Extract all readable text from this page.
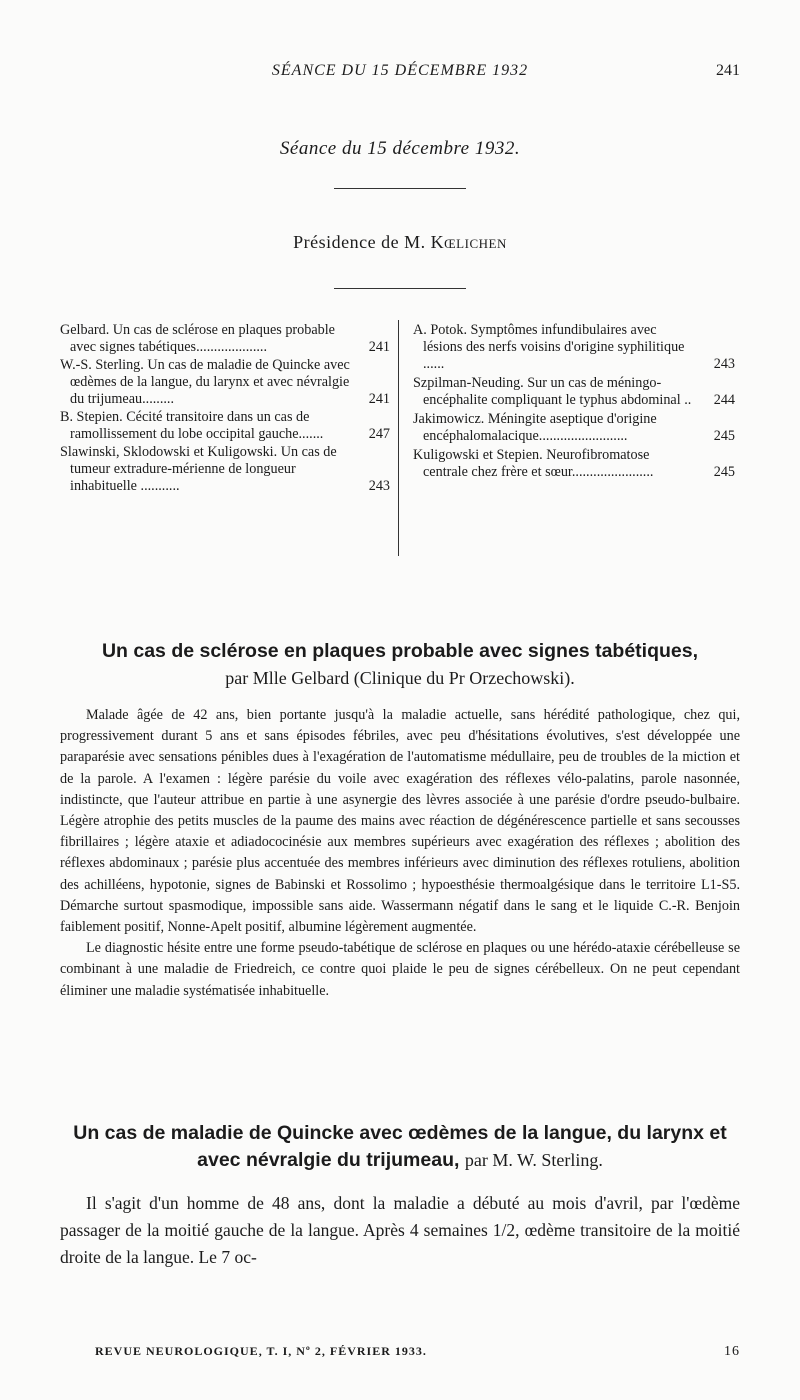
SÉANCE DU 15 DÉCEMBRE 1932	241
Séance du 15 décembre 1932.
Présidence de M. Kœlichen
Gelbard. Un cas de sclérose en plaques probable avec signes tabétiques....................	241
W.-S. Sterling. Un cas de maladie de Quincke avec œdèmes de la langue, du larynx et avec névralgie du trijumeau.........	241
B. Stepien. Cécité transitoire dans un cas de ramollissement du lobe occipital gauche.......	247
Slawinski, Sklodowski et Kuligowski. Un cas de tumeur extradure-mérienne de longueur inhabituelle ...........	243
A. Potok. Symptômes infundibulaires avec lésions des nerfs voisins d'origine syphilitique ......	243
Szpilman-Neuding. Sur un cas de méningo-encéphalite compliquant le typhus abdominal .. 244
Jakimowicz. Méningite aseptique d'origine encéphalomalacique.........................	245
Kuligowski et Stepien. Neurofibromatose centrale chez frère et sœur.......................	245
Un cas de sclérose en plaques probable avec signes tabétiques,
par Mlle Gelbard (Clinique du Pr Orzechowski).

Malade âgée de 42 ans, bien portante jusqu'à la maladie actuelle, sans hérédité pathologique, chez qui, progressivement durant 5 ans et sans épisodes fébriles, avec peu d'hésitations évolutives, s'est développée une paraparésie avec sensations pénibles dues à l'exagération de l'automatisme médullaire, peu de troubles de la miction et de la parole. A l'examen : légère parésie du voile avec exagération des réflexes vélo-palatins, parole nasonnée, indistincte, que l'auteur attribue en partie à une asynergie des lèvres associée à une parésie d'ordre pseudo-bulbaire. Légère atrophie des petits muscles de la paume des mains avec réaction de dégénérescence partielle et sans secousses fibrillaires ; légère ataxie et adiadococinésie aux membres supérieurs avec exagération des réflexes ; abolition des réflexes abdominaux ; parésie plus accentuée des membres inférieurs avec diminution des réflexes rotuliens, abolition des achilléens, hypotonie, signes de Babinski et Rossolimo ; hypoesthésie thermoalgésique dans le territoire L1-S5. Démarche surtout spasmodique, impossible sans aide. Wassermann négatif dans le sang et le liquide C.-R. Benjoin faiblement positif, Nonne-Apelt positif, albumine légèrement augmentée.

Le diagnostic hésite entre une forme pseudo-tabétique de sclérose en plaques ou une hérédo-ataxie cérébelleuse se combinant à une maladie de Friedreich, ce contre quoi plaide le peu de signes cérébelleux. On ne peut cependant éliminer une maladie systématisée inhabituelle.

Un cas de maladie de Quincke avec œdèmes de la langue, du larynx et avec névralgie du trijumeau, par M. W. Sterling.

Il s'agit d'un homme de 48 ans, dont la maladie a débuté au mois d'avril, par l'œdème passager de la moitié gauche de la langue. Après 4 semaines 1/2, œdème transitoire de la moitié droite de la langue. Le 7 oc-

REVUE NEUROLOGIQUE, T. I, Nº 2, FÉVRIER 1933.	16
